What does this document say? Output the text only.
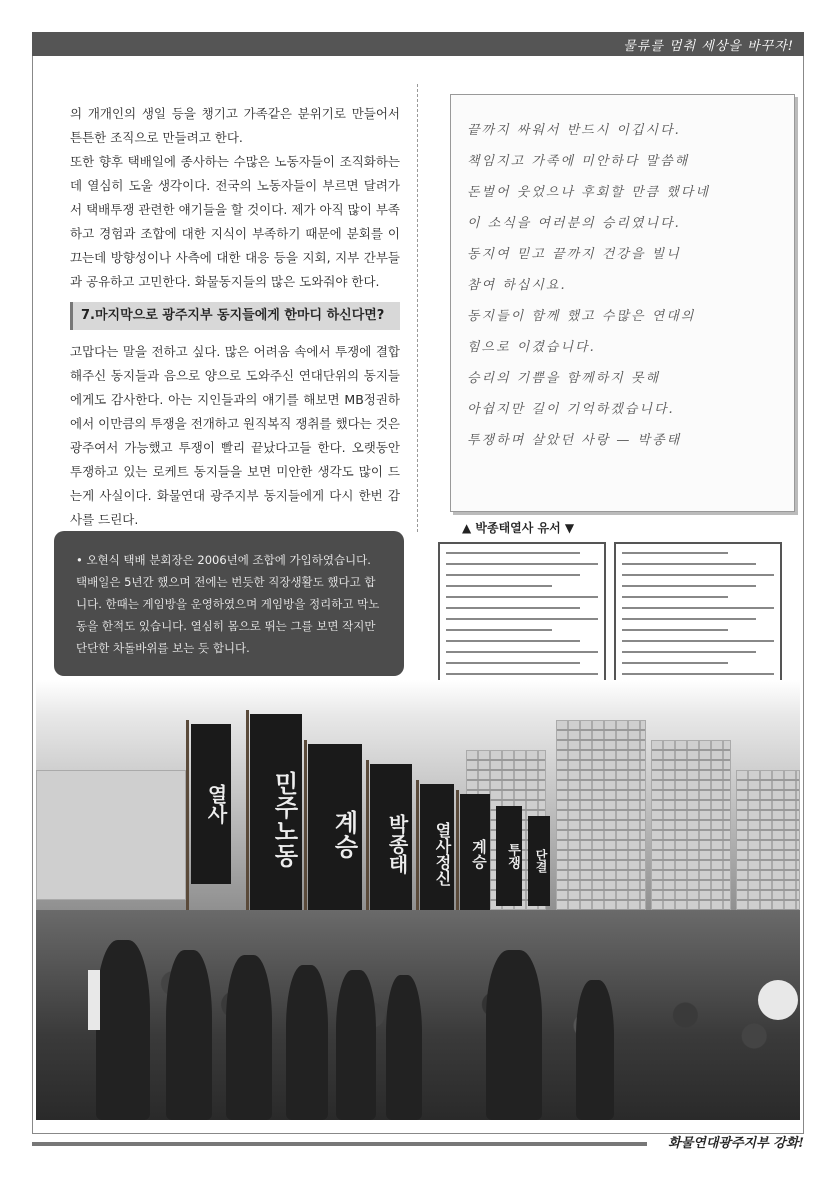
물류를 멈춰 세상을 바꾸자!

의 개개인의 생일 등을 챙기고 가족같은 분위기로 만들어서 튼튼한 조직으로 만들려고 한다.

또한 향후 택배일에 종사하는 수많은 노동자들이 조직화하는데 열심히 도울 생각이다. 전국의 노동자들이 부르면 달려가서 택배투쟁 관련한 얘기들을 할 것이다. 제가 아직 많이 부족하고 경험과 조합에 대한 지식이 부족하기 때문에 분회를 이끄는데 방향성이나 사측에 대한 대응 등을 지회, 지부 간부들과 공유하고 고민한다. 화물동지들의 많은 도와줘야 한다.

7.마지막으로 광주지부 동지들에게 한마디 하신다면?

고맙다는 말을 전하고 싶다. 많은 어려움 속에서 투쟁에 결합해주신 동지들과 음으로 양으로 도와주신 연대단위의 동지들에게도 감사한다. 아는 지인들과의 얘기를 해보면 MB정권하에서 이만큼의 투쟁을 전개하고 원직복직 쟁취를 했다는 것은 광주여서 가능했고 투쟁이 빨리 끝났다고들 한다. 오랫동안 투쟁하고 있는 로케트 동지들을 보면 미안한 생각도 많이 드는게 사실이다. 화물연대 광주지부 동지들에게 다시 한번 감사를 드린다.

끝까지 싸워서 반드시 이깁시다.
책임지고 가족에 미안하다 말씀해
돈벌어 웃었으나 후회할 만큼 했다네
이 소식을 여러분의 승리였니다.
동지여 믿고 끝까지 건강을 빌니
참여 하십시요.
동지들이 함께 했고 수많은 연대의
힘으로 이겼습니다.
승리의 기쁨을 함께하지 못해
아쉽지만 길이 기억하겠습니다.
투쟁하며 살았던 사랑 — 박종태
▲ 박종태열사 유서 ▼
• 오현식 택배 분회장은 2006년에 조합에 가입하였습니다. 택배일은 5년간 했으며 전에는 번듯한 직장생활도 했다고 합니다. 한때는 게임방을 운영하였으며 게임방을 정리하고 막노동을 한적도 있습니다. 열심히 몸으로 뛰는 그를 보면 작지만 단단한 차돌바위를 보는 듯 합니다.
열사	민주노동	계승	박종태	열사정신	계승	투쟁	단결
화물연대광주지부 강화!
